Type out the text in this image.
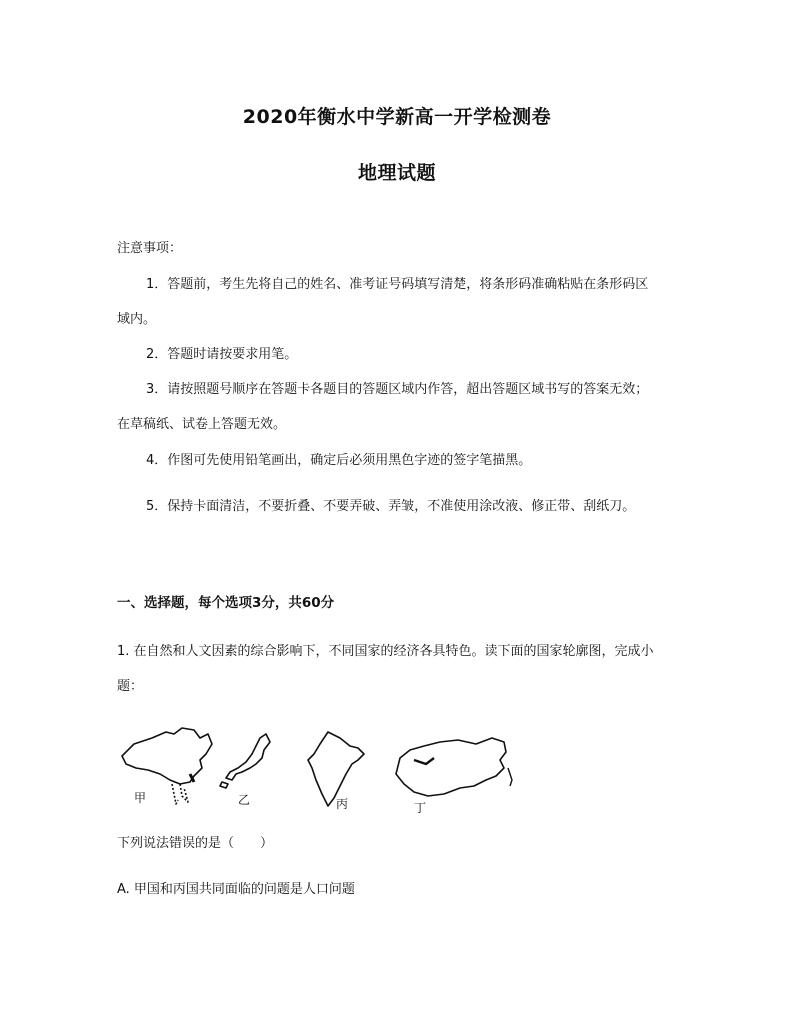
2020年衡水中学新高一开学检测卷
地理试题
注意事项：
1．答题前，考生先将自己的姓名、准考证号码填写清楚，将条形码准确粘贴在条形码区
域内。
2．答题时请按要求用笔。
3．请按照题号顺序在答题卡各题目的答题区域内作答，超出答题区域书写的答案无效；
在草稿纸、试卷上答题无效。
4．作图可先使用铅笔画出，确定后必须用黑色字迹的签字笔描黑。
5．保持卡面清洁，不要折叠、不要弄破、弄皱，不准使用涂改液、修正带、刮纸刀。
一、选择题，每个选项3分，共60分
1. 在自然和人文因素的综合影响下，不同国家的经济各具特色。读下面的国家轮廓图，完成小
题：
甲	乙	丙	丁
下列说法错误的是（　　）
A. 甲国和丙国共同面临的问题是人口问题
